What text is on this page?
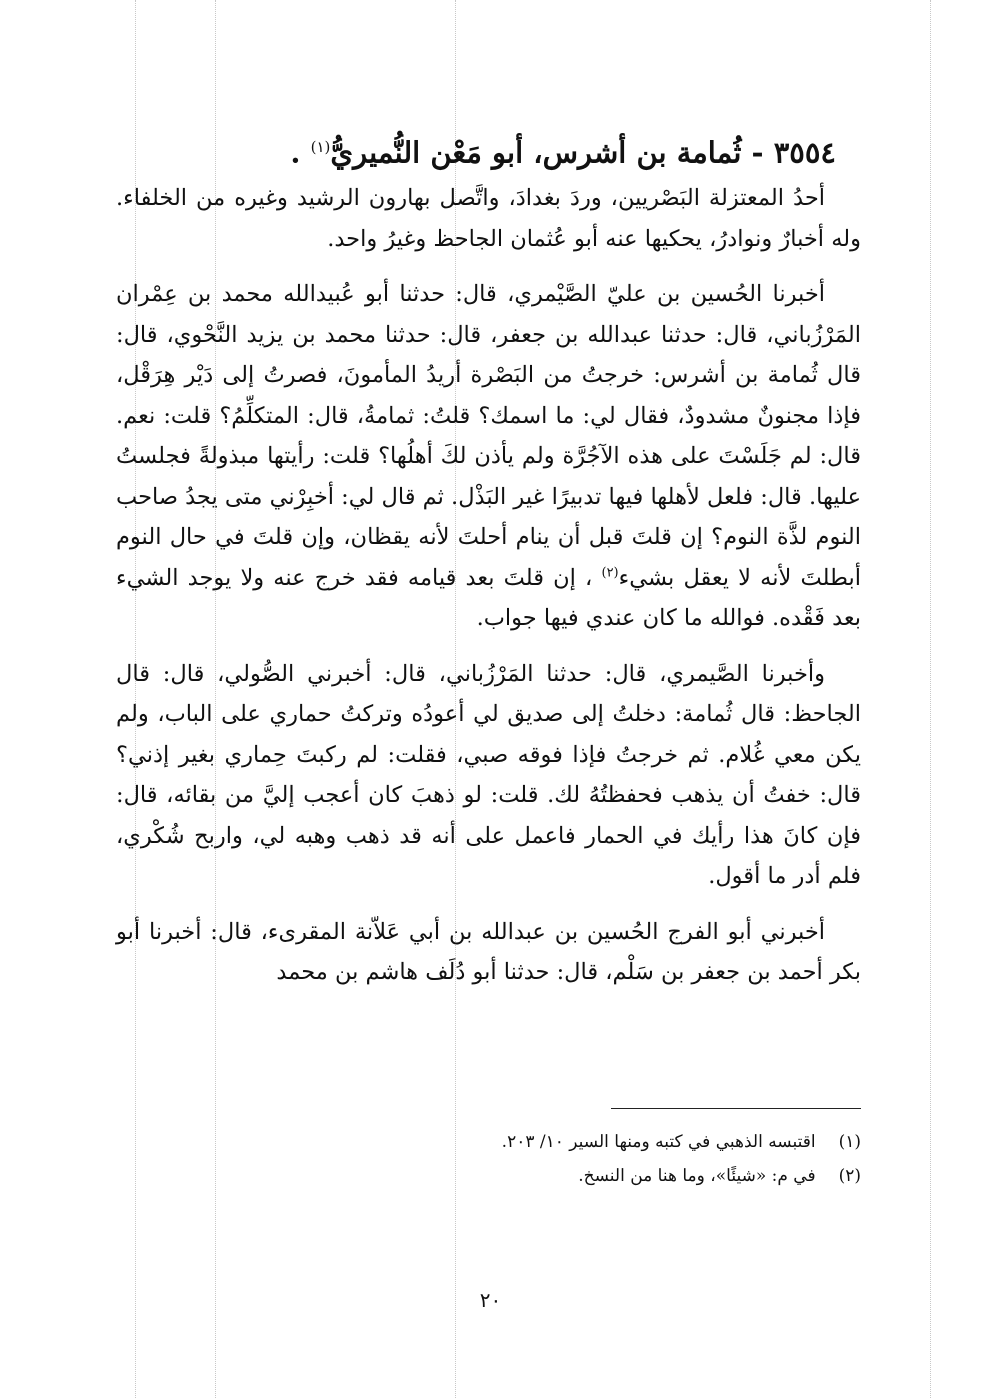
٣٥٥٤ - ثُمامة بن أشرس، أبو مَعْن النُّميريُّ$^{(١)}$ .

أحدُ المعتزلة البَصْريين، وردَ بغدادَ، واتَّصل بهارون الرشيد وغيره من الخلفاء. وله أخبارٌ ونوادرُ، يحكيها عنه أبو عُثمان الجاحظ وغيرُ واحد.

أخبرنا الحُسين بن عليّ الصَّيْمري، قال: حدثنا أبو عُبيدالله محمد بن عِمْران المَرْزُباني، قال: حدثنا عبدالله بن جعفر، قال: حدثنا محمد بن يزيد النَّحْوي، قال: قال ثُمامة بن أشرس: خرجتُ من البَصْرة أريدُ المأمونَ، فصرتُ إلى دَيْر هِرَقْل، فإذا مجنونٌ مشدودٌ، فقال لي: ما اسمك؟ قلتُ: ثمامةُ، قال: المتكلِّمُ؟ قلت: نعم. قال: لم جَلَسْتَ على هذه الآجُرَّة ولم يأذن لكَ أهلُها؟ قلت: رأيتها مبذولةً فجلستُ عليها. قال: فلعل لأهلها فيها تدبيرًا غير البَذْل. ثم قال لي: أخبِرْني متى يجدُ صاحب النوم لذَّة النوم؟ إن قلتَ قبل أن ينام أحلتَ لأنه يقظان، وإن قلتَ في حال النوم أبطلتَ لأنه لا يعقل بشيء$^{(٢)}$ ، إن قلتَ بعد قيامه فقد خرج عنه ولا يوجد الشيء بعد فَقْده. فوالله ما كان عندي فيها جواب.

وأخبرنا الصَّيمري، قال: حدثنا المَرْزُباني، قال: أخبرني الصُّولي، قال: قال الجاحظ: قال ثُمامة: دخلتُ إلى صديق لي أعودُه وتركتُ حماري على الباب، ولم يكن معي غُلام. ثم خرجتُ فإذا فوقه صبي، فقلت: لم ركبتَ حِماري بغير إذني؟ قال: خفتُ أن يذهب فحفظتُهُ لك. قلت: لو ذهبَ كان أعجب إليَّ من بقائه، قال: فإن كانَ هذا رأيك في الحمار فاعمل على أنه قد ذهب وهبه لي، واربح شُكْري، فلم أدر ما أقول.

أخبرني أبو الفرج الحُسين بن عبدالله بن أبي عَلاّنة المقرىء، قال: أخبرنا أبو بكر أحمد بن جعفر بن سَلْم، قال: حدثنا أبو دُلَف هاشم بن محمد

(١) اقتبسه الذهبي في كتبه ومنها السير ١٠/ ٢٠٣.
(٢) في م: «شيئًا»، وما هنا من النسخ.
٢٠
